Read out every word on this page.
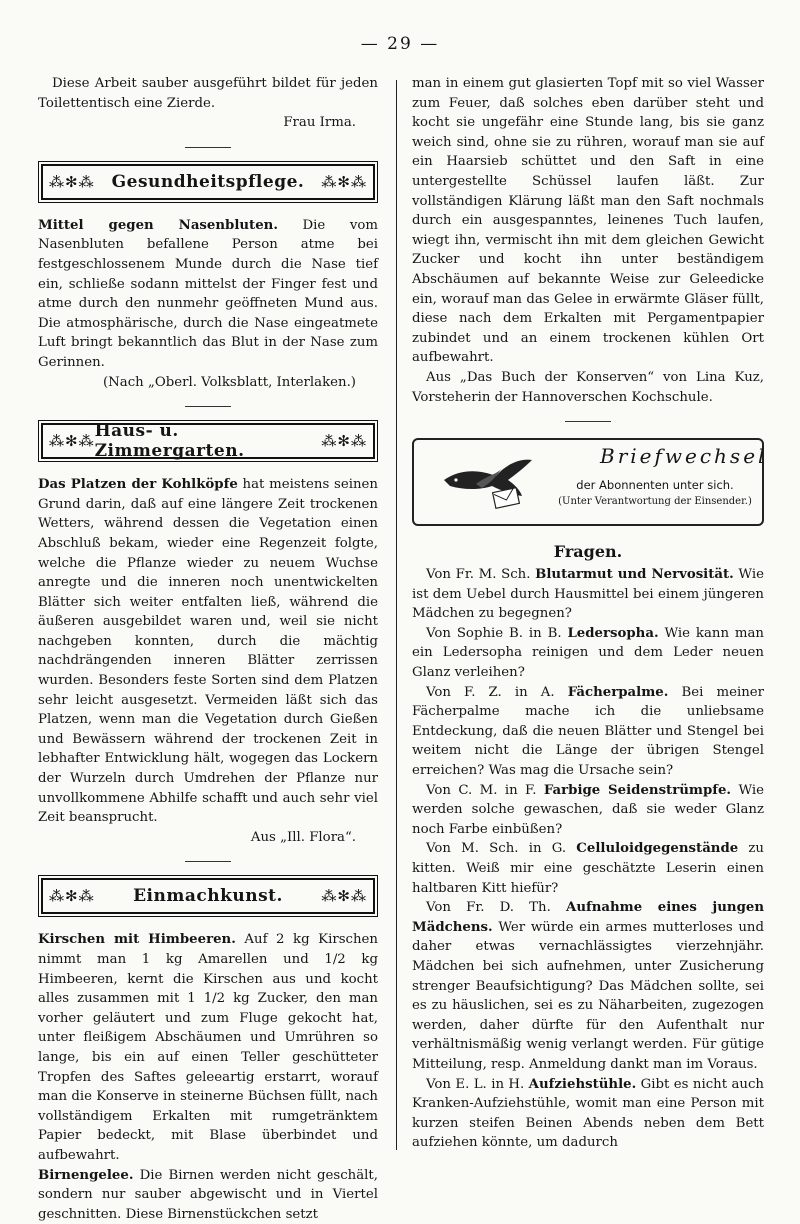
— 29 —

Diese Arbeit sauber ausgeführt bildet für jeden Toilettentisch eine Zierde.

Frau Irma.

⁂✻⁂ Gesundheitspflege. ⁂✻⁂

Mittel gegen Nasenbluten. Die vom Nasenbluten befallene Person atme bei festgeschlossenem Munde durch die Nase tief ein, schließe sodann mittelst der Finger fest und atme durch den nunmehr geöffneten Mund aus. Die atmosphärische, durch die Nase eingeatmete Luft bringt bekanntlich das Blut in der Nase zum Gerinnen.

(Nach „Oberl. Volksblatt, Interlaken.)

⁂✻⁂ Haus- u. Zimmergarten.	⁂✻⁂

Das Platzen der Kohlköpfe hat meistens seinen Grund darin, daß auf eine längere Zeit trockenen Wetters, während dessen die Vegetation einen Abschluß bekam, wieder eine Regenzeit folgte, welche die Pflanze wieder zu neuem Wuchse anregte und die inneren noch unentwickelten Blätter sich weiter entfalten ließ, während die äußeren ausgebildet waren und, weil sie nicht nachgeben konnten, durch die mächtig nachdrängenden inneren Blätter zerrissen wurden. Besonders feste Sorten sind dem Platzen sehr leicht ausgesetzt. Vermeiden läßt sich das Platzen, wenn man die Vegetation durch Gießen und Bewässern während der trockenen Zeit in lebhafter Entwicklung hält, wogegen das Lockern der Wurzeln durch Umdrehen der Pflanze nur unvollkommene Abhilfe schafft und auch sehr viel Zeit beansprucht.

Aus „Ill. Flora“.

⁂✻⁂ Einmachkunst.	⁂✻⁂

Kirschen mit Himbeeren. Auf 2 kg Kirschen nimmt man 1 kg Amarellen und 1/2 kg Himbeeren, kernt die Kirschen aus und kocht alles zusammen mit 1 1/2 kg Zucker, den man vorher geläutert und zum Fluge gekocht hat, unter fleißigem Abschäumen und Umrühren so lange, bis ein auf einen Teller geschütteter Tropfen des Saftes geleeartig erstarrt, worauf man die Konserve in steinerne Büchsen füllt, nach vollständigem Erkalten mit rumgetränktem Papier bedeckt, mit Blase überbindet und aufbewahrt.

Birnengelee. Die Birnen werden nicht geschält, sondern nur sauber abgewischt und in Viertel geschnitten. Diese Birnenstückchen setzt

man in einem gut glasierten Topf mit so viel Wasser zum Feuer, daß solches eben darüber steht und kocht sie ungefähr eine Stunde lang, bis sie ganz weich sind, ohne sie zu rühren, worauf man sie auf ein Haarsieb schüttet und den Saft in eine untergestellte Schüssel laufen läßt. Zur vollständigen Klärung läßt man den Saft nochmals durch ein ausgespanntes, leinenes Tuch laufen, wiegt ihn, vermischt ihn mit dem gleichen Gewicht Zucker und kocht ihn unter beständigem Abschäumen auf bekannte Weise zur Geleedicke ein, worauf man das Gelee in erwärmte Gläser füllt, diese nach dem Erkalten mit Pergamentpapier zubindet und an einem trockenen kühlen Ort aufbewahrt.

Aus „Das Buch der Konserven“ von Lina Kuz, Vorsteherin der Hannoverschen Kochschule.

Briefwechsel
der Abonnenten unter sich.
(Unter Verantwortung der Einsender.)
Fragen.

Von Fr. M. Sch. Blutarmut und Nervosität. Wie ist dem Uebel durch Hausmittel bei einem jüngeren Mädchen zu begegnen?

Von Sophie B. in B. Ledersopha. Wie kann man ein Ledersopha reinigen und dem Leder neuen Glanz verleihen?

Von F. Z. in A. Fächerpalme. Bei meiner Fächerpalme mache ich die unliebsame Entdeckung, daß die neuen Blätter und Stengel bei weitem nicht die Länge der übrigen Stengel erreichen? Was mag die Ursache sein?

Von C. M. in F. Farbige Seidenstrümpfe. Wie werden solche gewaschen, daß sie weder Glanz noch Farbe einbüßen?

Von M. Sch. in G. Celluloidgegenstände zu kitten. Weiß mir eine geschätzte Leserin einen haltbaren Kitt hiefür?

Von Fr. D. Th. Aufnahme eines jungen Mädchens. Wer würde ein armes mutterloses und daher etwas vernachlässigtes vierzehnjähr. Mädchen bei sich aufnehmen, unter Zusicherung strenger Beaufsichtigung? Das Mädchen sollte, sei es zu häuslichen, sei es zu Näharbeiten, zugezogen werden, daher dürfte für den Aufenthalt nur verhältnismäßig wenig verlangt werden. Für gütige Mitteilung, resp. Anmeldung dankt man im Voraus.

Von E. L. in H. Aufziehstühle. Gibt es nicht auch Kranken-Aufziehstühle, womit man eine Person mit kurzen steifen Beinen Abends neben dem Bett aufziehen könnte, um dadurch
